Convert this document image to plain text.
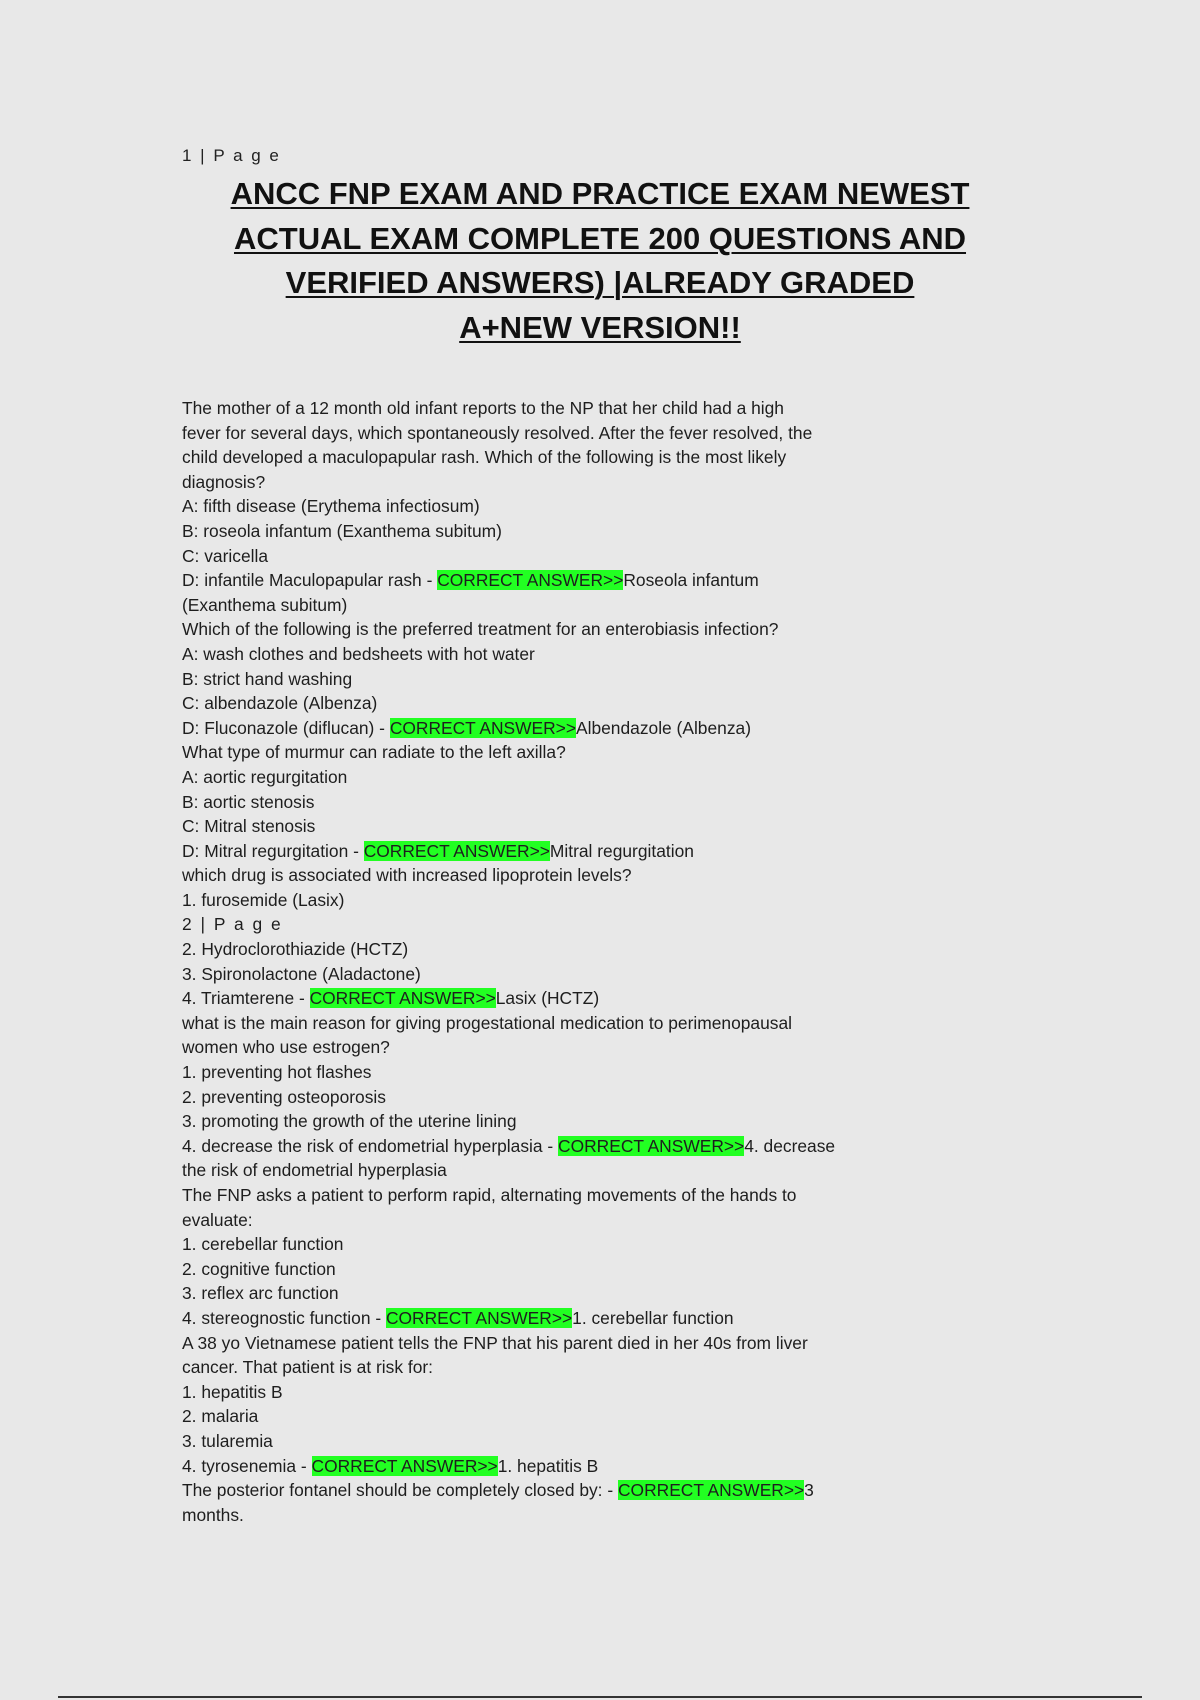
1 | P a g e
ANCC FNP EXAM AND PRACTICE EXAM NEWEST
ACTUAL EXAM COMPLETE 200 QUESTIONS AND
VERIFIED ANSWERS) |ALREADY GRADED
A+NEW VERSION!!
The mother of a 12 month old infant reports to the NP that her child had a high
fever for several days, which spontaneously resolved. After the fever resolved, the
child developed a maculopapular rash. Which of the following is the most likely
diagnosis?
A: fifth disease (Erythema infectiosum)
B: roseola infantum (Exanthema subitum)
C: varicella
D: infantile Maculopapular rash - CORRECT ANSWER>>Roseola infantum
(Exanthema subitum)
Which of the following is the preferred treatment for an enterobiasis infection?
A: wash clothes and bedsheets with hot water
B: strict hand washing
C: albendazole (Albenza)
D: Fluconazole (diflucan) - CORRECT ANSWER>>Albendazole (Albenza)
What type of murmur can radiate to the left axilla?
A: aortic regurgitation
B: aortic stenosis
C: Mitral stenosis
D: Mitral regurgitation - CORRECT ANSWER>>Mitral regurgitation
which drug is associated with increased lipoprotein levels?
1. furosemide (Lasix)
2 | P a g e
2. Hydroclorothiazide (HCTZ)
3. Spironolactone (Aladactone)
4. Triamterene - CORRECT ANSWER>>Lasix (HCTZ)
what is the main reason for giving progestational medication to perimenopausal
women who use estrogen?
1. preventing hot flashes
2. preventing osteoporosis
3. promoting the growth of the uterine lining
4. decrease the risk of endometrial hyperplasia - CORRECT ANSWER>>4. decrease
the risk of endometrial hyperplasia
The FNP asks a patient to perform rapid, alternating movements of the hands to
evaluate:
1. cerebellar function
2. cognitive function
3. reflex arc function
4. stereognostic function - CORRECT ANSWER>>1. cerebellar function
A 38 yo Vietnamese patient tells the FNP that his parent died in her 40s from liver
cancer. That patient is at risk for:
1. hepatitis B
2. malaria
3. tularemia
4. tyrosenemia - CORRECT ANSWER>>1. hepatitis B
The posterior fontanel should be completely closed by: - CORRECT ANSWER>>3
months.
